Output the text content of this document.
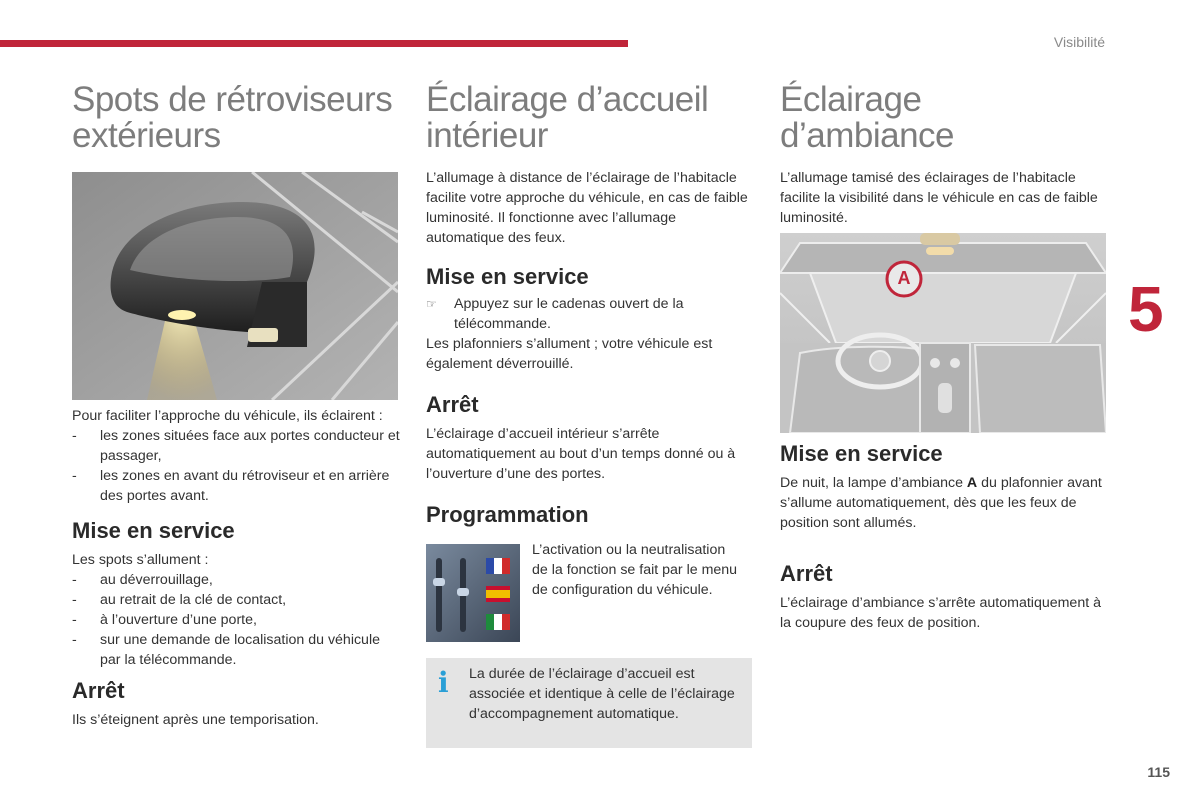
Visibilité
5
115
Spots de rétroviseurs
extérieurs

Pour faciliter l’approche du véhicule, ils éclairent :

- les zones situées face aux portes conducteur et passager,
- les zones en avant du rétroviseur et en arrière des portes avant.
Mise en service

Les spots s’allument :

- au déverrouillage,
- au retrait de la clé de contact,
- à l’ouverture d’une porte,
- sur une demande de localisation du véhicule par la télécommande.
Arrêt

Ils s’éteignent après une temporisation.

Éclairage d’accueil
intérieur

L’allumage à distance de l’éclairage de l’habitacle facilite votre approche du véhicule, en cas de faible luminosité. Il fonctionne avec l’allumage automatique des feux.

Mise en service
☞ Appuyez sur le cadenas ouvert de la télécommande.

Les plafonniers s’allument ; votre véhicule est également déverrouillé.

Arrêt

L’éclairage d’accueil intérieur s’arrête automatiquement au bout d’un temps donné ou à l’ouverture d’une des portes.

Programmation

L’activation ou la neutralisation de la fonction se fait par le menu de configuration du véhicule.

i La durée de l’éclairage d’accueil est associée et identique à celle de l’éclairage d’accompagnement automatique.

Éclairage
d’ambiance

L’allumage tamisé des éclairages de l’habitacle facilite la visibilité dans le véhicule en cas de faible luminosité.

A
Mise en service

De nuit, la lampe d’ambiance A du plafonnier avant s’allume automatiquement, dès que les feux de position sont allumés.

Arrêt

L’éclairage d’ambiance s’arrête automatiquement à la coupure des feux de position.
